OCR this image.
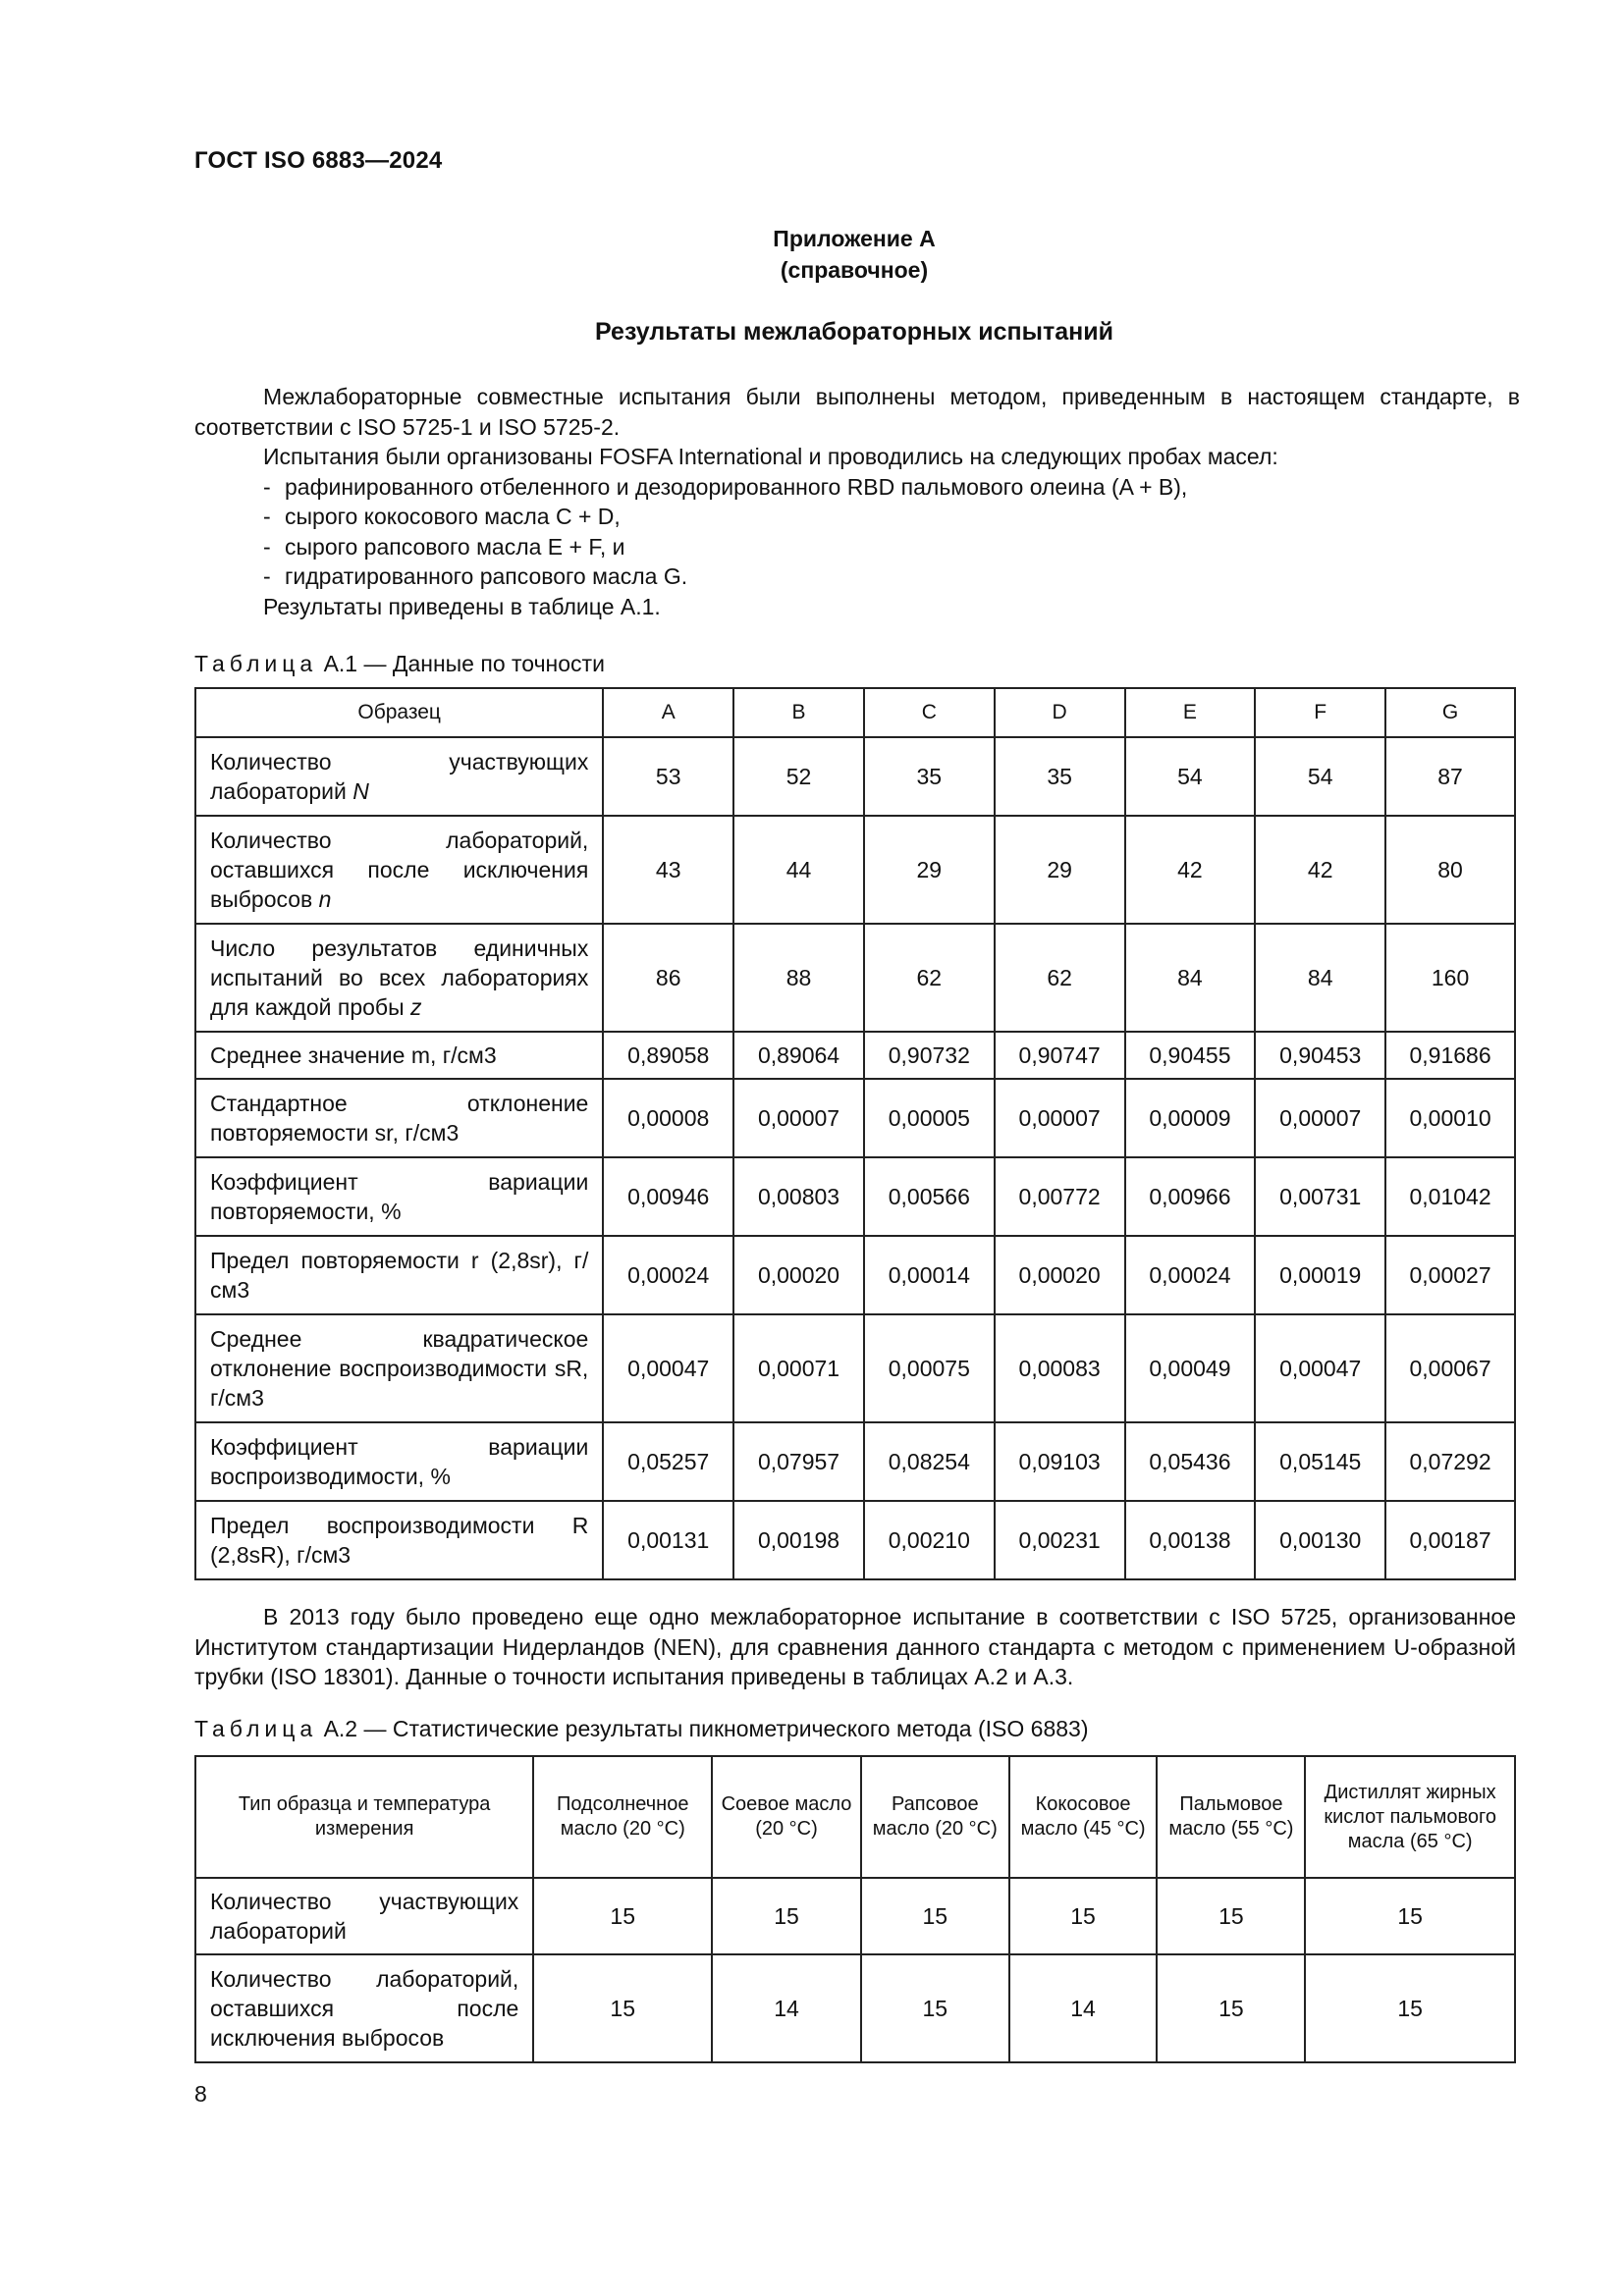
ГОСТ ISO 6883—2024
Приложение А
(справочное)
Результаты межлабораторных испытаний

Межлабораторные совместные испытания были выполнены методом, приведенным в настоящем стандарте, в соответствии с ISO 5725-1 и ISO 5725-2.

Испытания были организованы FOSFA International и проводились на следующих пробах масел:

- рафинированного отбеленного и дезодорированного RBD пальмового олеина (A + B),

- сырого кокосового масла C + D,

- сырого рапсового масла E + F, и

- гидратированного рапсового масла G.

Результаты приведены в таблице А.1.

Таблица А.1 — Данные по точности
Образец	A	B	C	D	E	F	G
Количество участвующих лабораторий N	53	52	35	35	54	54	87
Количество лабораторий, оставшихся после исключения выбросов n	43	44	29	29	42	42	80
Число результатов единичных испытаний во всех лабораториях для каждой пробы z	86	88	62	62	84	84	160
Среднее значение m, г/см3	0,89058	0,89064	0,90732	0,90747	0,90455	0,90453	0,91686
Стандартное отклонение повторяемости sr, г/см3	0,00008	0,00007	0,00005	0,00007	0,00009	0,00007	0,00010
Коэффициент вариации повторяемости, %	0,00946	0,00803	0,00566	0,00772	0,00966	0,00731	0,01042
Предел повторяемости r (2,8sr), г/см3	0,00024	0,00020	0,00014	0,00020	0,00024	0,00019	0,00027
Среднее квадратическое отклонение воспроизводимости sR, г/см3	0,00047	0,00071	0,00075	0,00083	0,00049	0,00047	0,00067
Коэффициент вариации воспроизводимости, %	0,05257	0,07957	0,08254	0,09103	0,05436	0,05145	0,07292
Предел воспроизводимости R (2,8sR), г/см3	0,00131	0,00198	0,00210	0,00231	0,00138	0,00130	0,00187
В 2013 году было проведено еще одно межлабораторное испытание в соответствии с ISO 5725, организованное Институтом стандартизации Нидерландов (NEN), для сравнения данного стандарта с методом с применением U-образной трубки (ISO 18301). Данные о точности испытания приведены в таблицах А.2 и А.3.
Таблица А.2 — Статистические результаты пикнометрического метода (ISO 6883)
Тип образца и температура измерения	Подсолнечное масло (20 °С)	Соевое масло (20 °С)	Рапсовое масло (20 °С)	Кокосовое масло (45 °С)	Пальмовое масло (55 °С)	Дистиллят жирных кислот пальмового масла (65 °С)
Количество участвующих лабораторий	15	15	15	15	15	15
Количество лабораторий, оставшихся после исключения выбросов	15	14	15	14	15	15
8
